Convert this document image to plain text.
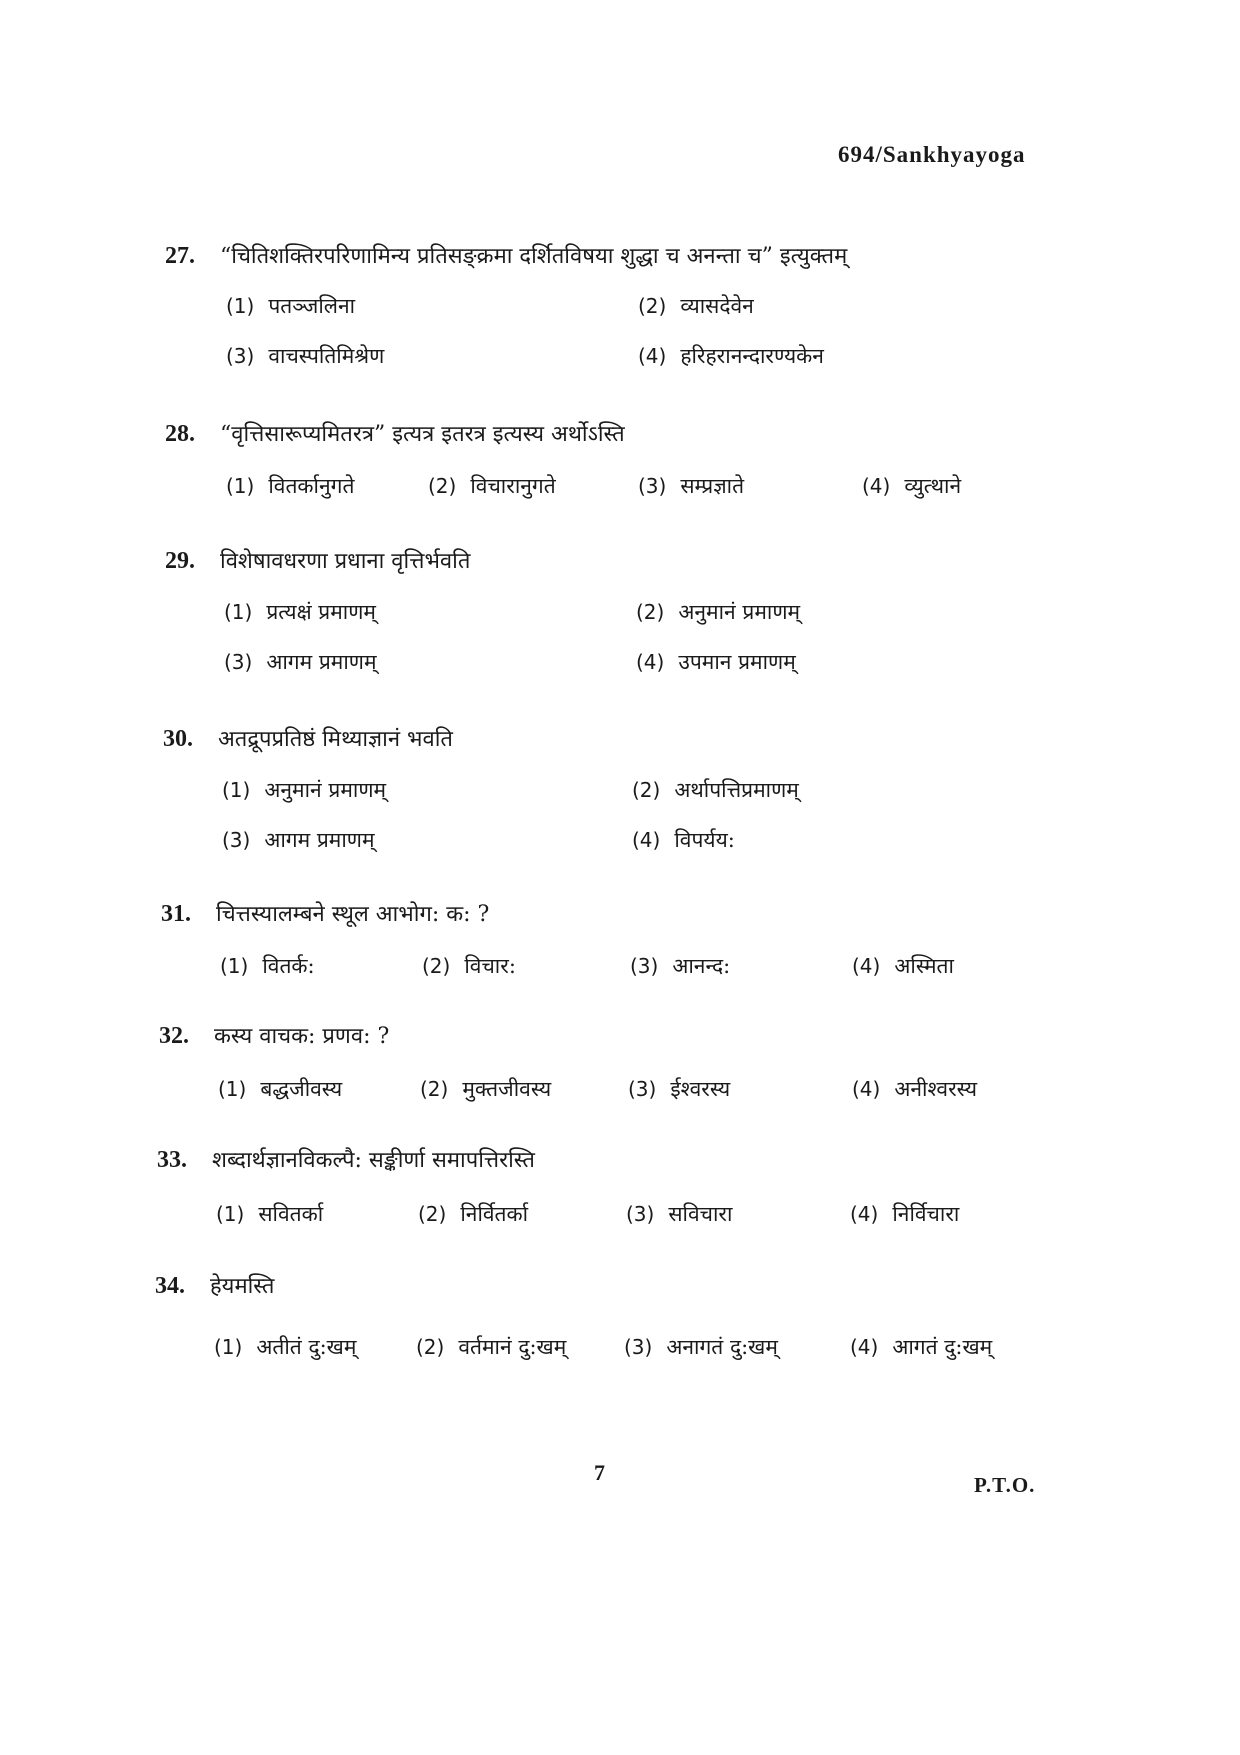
694/Sankhyayoga
27. “चितिशक्तिरपरिणामिन्य प्रतिसङ्क्रमा दर्शितविषया शुद्धा च अनन्ता च” इत्युक्तम्
(1) पतञ्जलिना	(2) व्यासदेवेन
(3) वाचस्पतिमिश्रेण	(4) हरिहरानन्दारण्यकेन
28. “वृत्तिसारूप्यमितरत्र” इत्यत्र इतरत्र इत्यस्य अर्थोऽस्ति
(1) वितर्कानुगते	(2) विचारानुगते	(3) सम्प्रज्ञाते	(4) व्युत्थाने
29. विशेषावधरणा प्रधाना वृत्तिर्भवति
(1) प्रत्यक्षं प्रमाणम्	(2) अनुमानं प्रमाणम्
(3) आगम प्रमाणम्	(4) उपमान प्रमाणम्
30. अतद्रूपप्रतिष्ठं मिथ्याज्ञानं भवति
(1) अनुमानं प्रमाणम्	(2) अर्थापत्तिप्रमाणम्
(3) आगम प्रमाणम्	(4) विपर्यय:
31. चित्तस्यालम्बने स्थूल आभोग: क: ?
(1) वितर्क:	(2) विचार:	(3) आनन्द:	(4) अस्मिता
32. कस्य वाचक: प्रणव: ?
(1) बद्धजीवस्य	(2) मुक्तजीवस्य	(3) ईश्वरस्य	(4) अनीश्वरस्य
33. शब्दार्थज्ञानविकल्पै: सङ्कीर्णा समापत्तिरस्ति
(1) सवितर्का	(2) निर्वितर्का	(3) सविचारा	(4) निर्विचारा
34. हेयमस्ति
(1) अतीतं दु:खम्	(2) वर्तमानं दु:खम्	(3) अनागतं दु:खम्	(4) आगतं दु:खम्
7	P.T.O.
